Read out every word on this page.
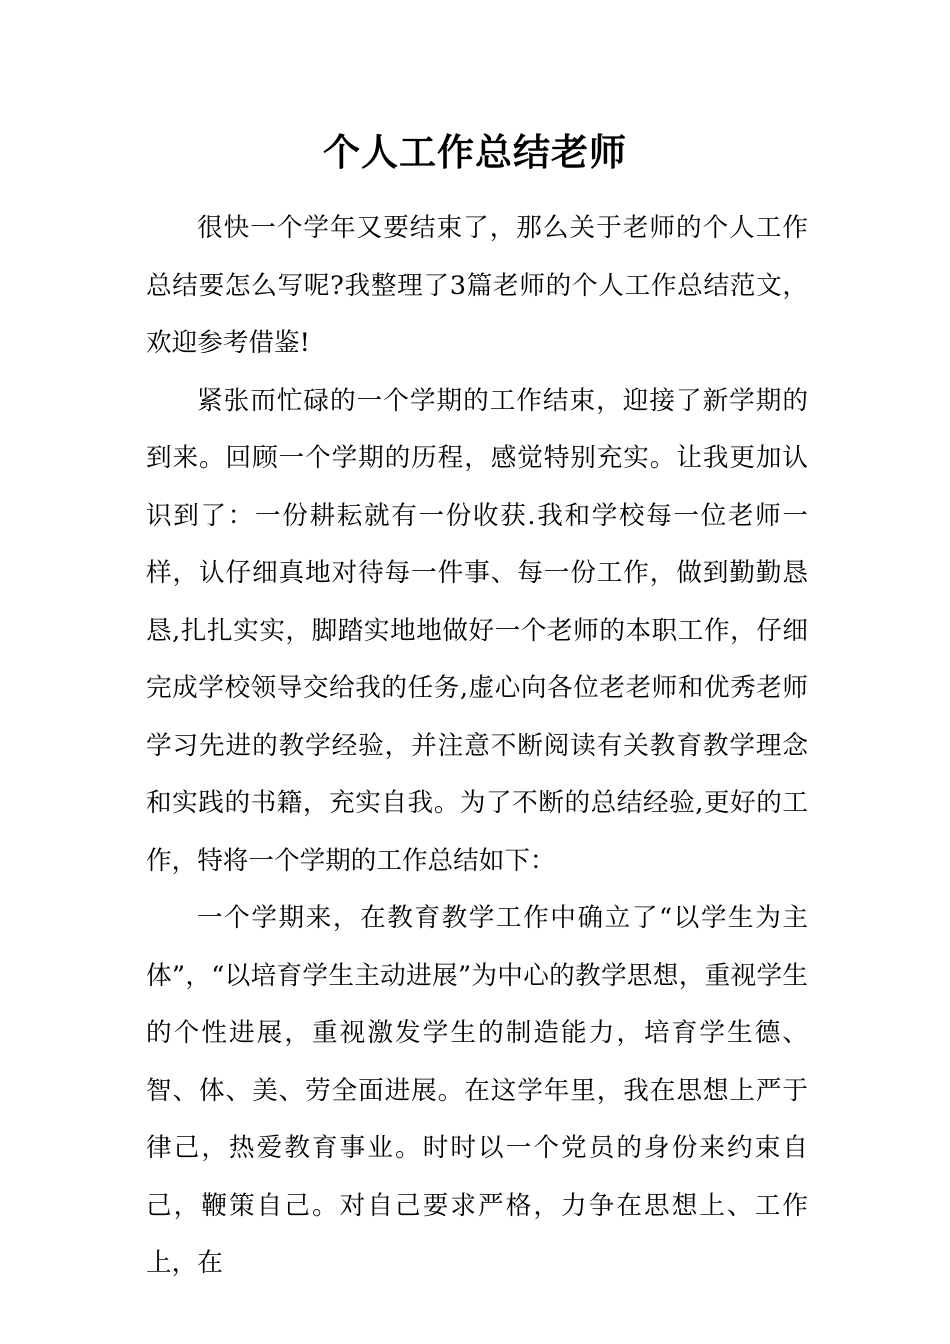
个人工作总结老师

很快一个学年又要结束了，那么关于老师的个人工作总结要怎么写呢?我整理了3篇老师的个人工作总结范文，欢迎参考借鉴!

紧张而忙碌的一个学期的工作结束，迎接了新学期的到来。回顾一个学期的历程，感觉特别充实。让我更加认识到了：一份耕耘就有一份收获.我和学校每一位老师一样，认仔细真地对待每一件事、每一份工作，做到勤勤恳恳,扎扎实实，脚踏实地地做好一个老师的本职工作，仔细完成学校领导交给我的任务,虚心向各位老老师和优秀老师学习先进的教学经验，并注意不断阅读有关教育教学理念和实践的书籍，充实自我。为了不断的总结经验,更好的工作，特将一个学期的工作总结如下：

一个学期来，在教育教学工作中确立了“以学生为主体”，“以培育学生主动进展”为中心的教学思想，重视学生的个性进展，重视激发学生的制造能力，培育学生德、智、体、美、劳全面进展。在这学年里，我在思想上严于律己，热爱教育事业。时时以一个党员的身份来约束自己，鞭策自己。对自己要求严格，力争在思想上、工作上，在
